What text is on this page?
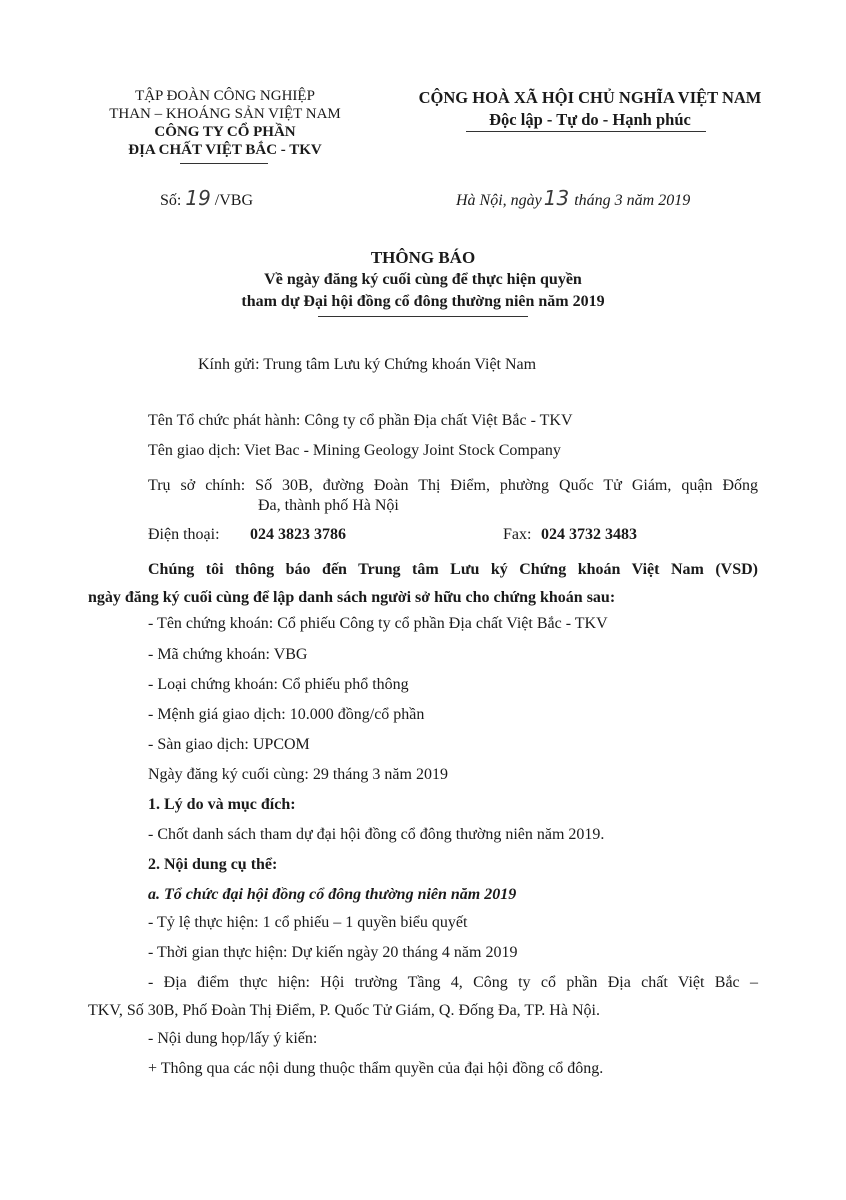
TẬP ĐOÀN CÔNG NGHIỆP
THAN – KHOÁNG SẢN VIỆT NAM
CÔNG TY CỔ PHẦN
ĐỊA CHẤT VIỆT BẮC - TKV
CỘNG HOÀ XÃ HỘI CHỦ NGHĨA VIỆT NAM
Độc lập - Tự do - Hạnh phúc
Số: 19 /VBG	Hà Nội, ngày 13 tháng 3 năm 2019
THÔNG BÁO
Về ngày đăng ký cuối cùng để thực hiện quyền
tham dự Đại hội đồng cổ đông thường niên năm 2019
Kính gửi: Trung tâm Lưu ký Chứng khoán Việt Nam
Tên Tổ chức phát hành: Công ty cổ phần Địa chất Việt Bắc - TKV
Tên giao dịch: Viet Bac - Mining Geology Joint Stock Company
Trụ sở chính: Số 30B, đường Đoàn Thị Điểm, phường Quốc Tử Giám, quận Đống
Đa, thành phố Hà Nội
Điện thoại: 024 3823 3786	Fax: 024 3732 3483
Chúng tôi thông báo đến Trung tâm Lưu ký Chứng khoán Việt Nam (VSD)
ngày đăng ký cuối cùng để lập danh sách người sở hữu cho chứng khoán sau:
- Tên chứng khoán: Cổ phiếu Công ty cổ phần Địa chất Việt Bắc - TKV
- Mã chứng khoán: VBG
- Loại chứng khoán: Cổ phiếu phổ thông
- Mệnh giá giao dịch: 10.000 đồng/cổ phần
- Sàn giao dịch: UPCOM
Ngày đăng ký cuối cùng: 29 tháng 3 năm 2019
1. Lý do và mục đích:
- Chốt danh sách tham dự đại hội đồng cổ đông thường niên năm 2019.
2. Nội dung cụ thể:
a. Tổ chức đại hội đồng cổ đông thường niên năm 2019
- Tỷ lệ thực hiện: 1 cổ phiếu – 1 quyền biểu quyết
- Thời gian thực hiện: Dự kiến ngày 20 tháng 4 năm 2019
- Địa điểm thực hiện: Hội trường Tầng 4, Công ty cổ phần Địa chất Việt Bắc –
TKV, Số 30B, Phố Đoàn Thị Điểm, P. Quốc Tử Giám, Q. Đống Đa, TP. Hà Nội.
- Nội dung họp/lấy ý kiến:
+ Thông qua các nội dung thuộc thẩm quyền của đại hội đồng cổ đông.
